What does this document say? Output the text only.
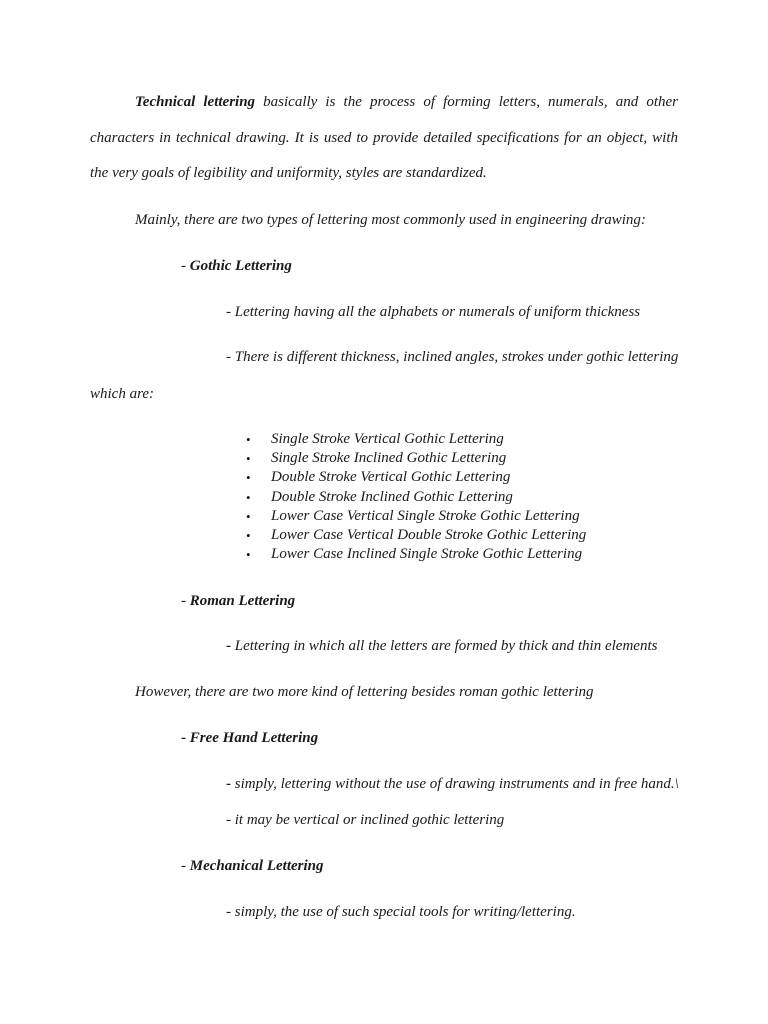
Technical lettering basically is the process of forming letters, numerals, and other
characters in technical drawing. It is used to provide detailed specifications for an object, with
the very goals of legibility and uniformity, styles are standardized.
Mainly, there are two types of lettering most commonly used in engineering drawing:
- Gothic Lettering
- Lettering having all the alphabets or numerals of uniform thickness
- There is different thickness, inclined angles, strokes under gothic lettering
which are:
• Single Stroke Vertical Gothic Lettering
• Single Stroke Inclined Gothic Lettering
• Double Stroke Vertical Gothic Lettering
• Double Stroke Inclined Gothic Lettering
• Lower Case Vertical Single Stroke Gothic Lettering
• Lower Case Vertical Double Stroke Gothic Lettering
• Lower Case Inclined Single Stroke Gothic Lettering
- Roman Lettering
- Lettering in which all the letters are formed by thick and thin elements
However, there are two more kind of lettering besides roman gothic lettering
- Free Hand Lettering
- simply, lettering without the use of drawing instruments and in free hand.\
- it may be vertical or inclined gothic lettering
- Mechanical Lettering
- simply, the use of such special tools for writing/lettering.
